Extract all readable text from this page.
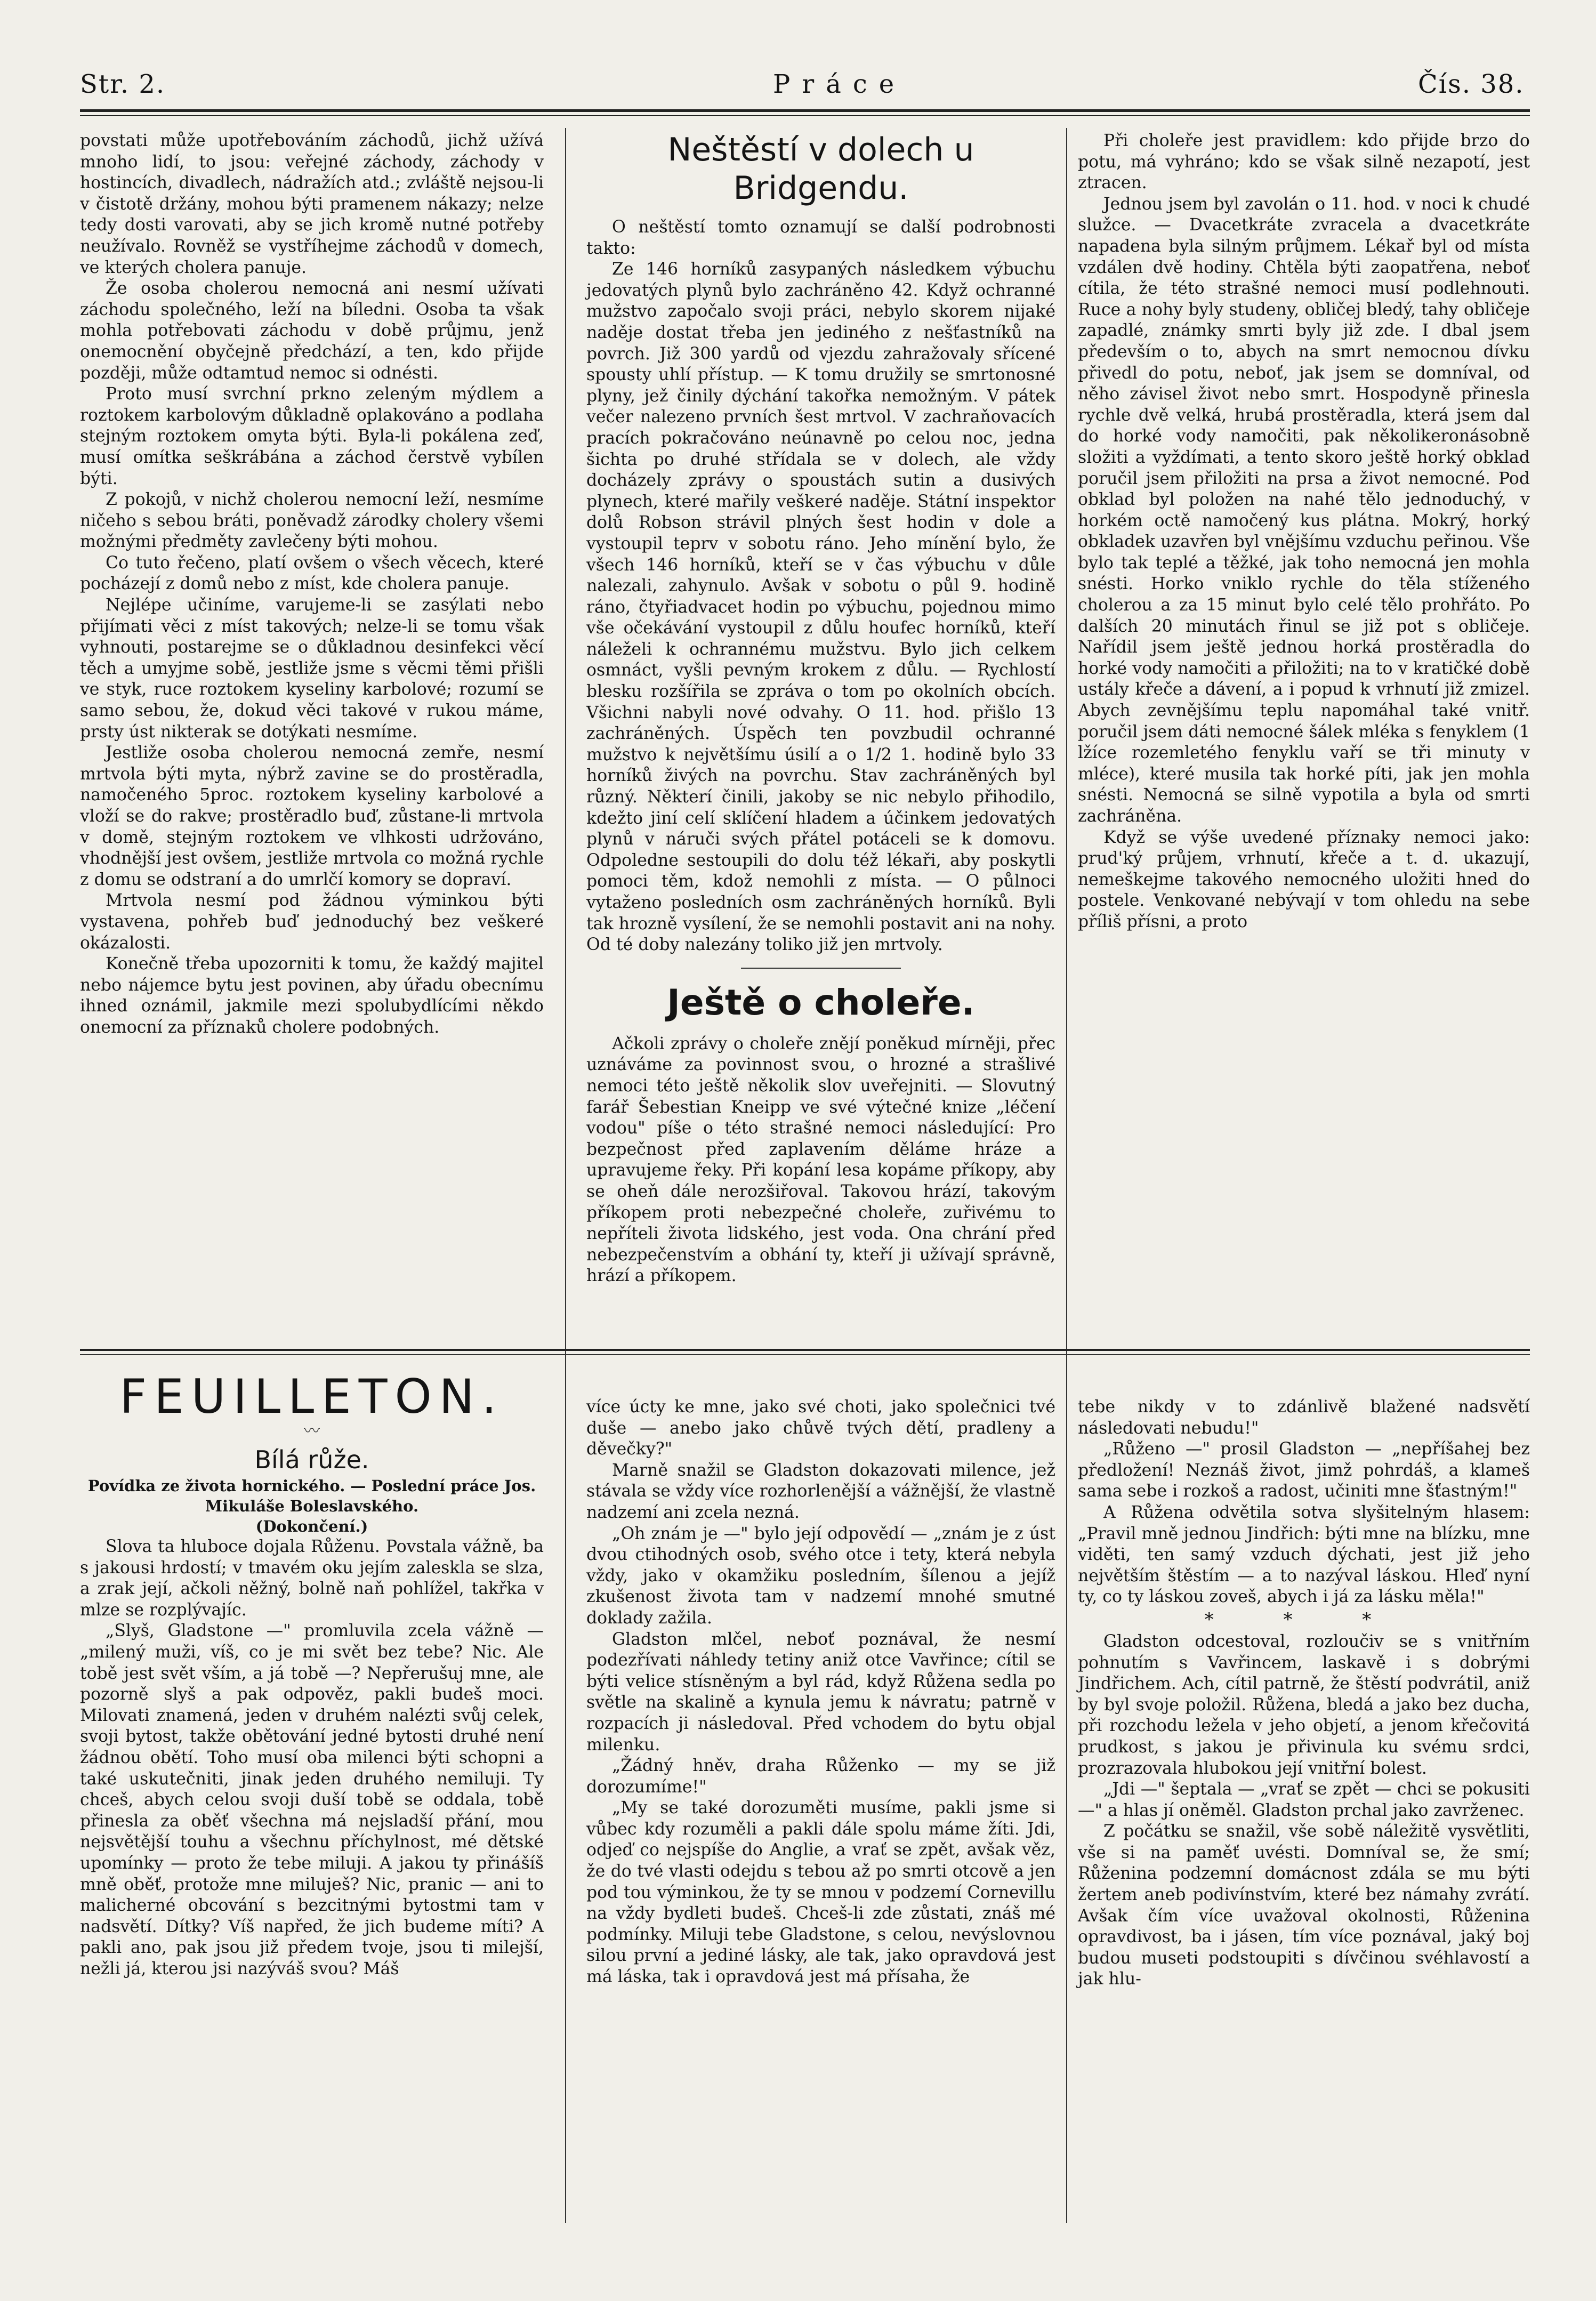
Str. 2.	Práce	Čís. 38.

povstati může upotřebováním záchodů, jichž užívá mnoho lidí, to jsou: veřejné záchody, záchody v hostincích, divadlech, nádražích atd.; zvláště nejsou-li v čistotě držány, mohou býti pramenem nákazy; nelze tedy dosti varovati, aby se jich kromě nutné potřeby neužívalo. Rovněž se vystříhejme záchodů v domech, ve kterých cholera panuje.

Že osoba cholerou nemocná ani nesmí užívati záchodu společného, leží na bíledni. Osoba ta však mohla potřebovati záchodu v době průjmu, jenž onemocnění obyčejně předchází, a ten, kdo přijde později, může odtamtud nemoc si odnésti.

Proto musí svrchní prkno zeleným mýdlem a roztokem karbolovým důkladně oplakováno a podlaha stejným roztokem omyta býti. Byla-li pokálena zeď, musí omítka seškrábána a záchod čerstvě vybílen býti.

Z pokojů, v nichž cholerou nemocní leží, nesmíme ničeho s sebou bráti, poněvadž zárodky cholery všemi možnými předměty zavlečeny býti mohou.

Co tuto řečeno, platí ovšem o všech věcech, které pocházejí z domů nebo z míst, kde cholera panuje.

Nejlépe učiníme, varujeme-li se zasýlati nebo přijímati věci z míst takových; nelze-li se tomu však vyhnouti, postarejme se o důkladnou desinfekci věcí těch a umyjme sobě, jestliže jsme s věcmi těmi přišli ve styk, ruce roztokem kyseliny karbolové; rozumí se samo sebou, že, dokud věci takové v rukou máme, prsty úst nikterak se dotýkati nesmíme.

Jestliže osoba cholerou nemocná zemře, nesmí mrtvola býti myta, nýbrž zavine se do prostěradla, namočeného 5proc. roztokem kyseliny karbolové a vloží se do rakve; prostěradlo buď, zůstane-li mrtvola v domě, stejným roztokem ve vlhkosti udržováno, vhodnější jest ovšem, jestliže mrtvola co možná rychle z domu se odstraní a do umrlčí komory se dopraví.

Mrtvola nesmí pod žádnou výminkou býti vystavena, pohřeb buď jednoduchý bez veškeré okázalosti.

Konečně třeba upozorniti k tomu, že každý majitel nebo nájemce bytu jest povinen, aby úřadu obecnímu ihned oznámil, jakmile mezi spolubydlícími někdo onemocní za příznaků cholere podobných.

Neštěstí v dolech u Bridgendu.

O neštěstí tomto oznamují se další podrobnosti takto:

Ze 146 horníků zasypaných následkem výbuchu jedovatých plynů bylo zachráněno 42. Když ochranné mužstvo započalo svoji práci, nebylo skorem nijaké naděje dostat třeba jen jediného z nešťastníků na povrch. Již 300 yardů od vjezdu zahražovaly sřícené spousty uhlí přístup. — K tomu družily se smrtonosné plyny, jež činily dýchání takořka nemožným. V pátek večer nalezeno prvních šest mrtvol. V zachraňovacích pracích pokračováno neúnavně po celou noc, jedna šichta po druhé střídala se v dolech, ale vždy docházely zprávy o spoustách sutin a dusivých plynech, které mařily veškeré naděje. Státní inspektor dolů Robson strávil plných šest hodin v dole a vystoupil teprv v sobotu ráno. Jeho mínění bylo, že všech 146 horníků, kteří se v čas výbuchu v důle nalezali, zahynulo. Avšak v sobotu o půl 9. hodině ráno, čtyřiadvacet hodin po výbuchu, pojednou mimo vše očekávání vystoupil z důlu houfec horníků, kteří náleželi k ochrannému mužstvu. Bylo jich celkem osmnáct, vyšli pevným krokem z důlu. — Rychlostí blesku rozšířila se zpráva o tom po okolních obcích. Všichni nabyli nové odvahy. O 11. hod. přišlo 13 zachráněných. Úspěch ten povzbudil ochranné mužstvo k největšímu úsilí a o 1/2 1. hodině bylo 33 horníků živých na povrchu. Stav zachráněných byl různý. Některí činili, jakoby se nic nebylo přihodilo, kdežto jiní celí sklíčení hladem a účinkem jedovatých plynů v náruči svých přátel potáceli se k domovu. Odpoledne sestoupili do dolu též lékaři, aby poskytli pomoci těm, kdož nemohli z místa. — O půlnoci vytaženo posledních osm zachráněných horníků. Byli tak hrozně vysílení, že se nemohli postavit ani na nohy. Od té doby nalezány toliko již jen mrtvoly.

Ještě o choleře.

Ačkoli zprávy o choleře znějí poněkud mírněji, přec uznáváme za povinnost svou, o hrozné a strašlivé nemoci této ještě několik slov uveřejniti. — Slovutný farář Šebestian Kneipp ve své výtečné knize „léčení vodou" píše o této strašné nemoci následující: Pro bezpečnost před zaplavením děláme hráze a upravujeme řeky. Při kopání lesa kopáme příkopy, aby se oheň dále nerozšiřoval. Takovou hrází, takovým příkopem proti nebezpečné choleře, zuřivému to nepříteli života lidského, jest voda. Ona chrání před nebezpečenstvím a obhání ty, kteří ji užívají správně, hrází a příkopem.

Při choleře jest pravidlem: kdo přijde brzo do potu, má vyhráno; kdo se však silně nezapotí, jest ztracen.

Jednou jsem byl zavolán o 11. hod. v noci k chudé služce. — Dvacetkráte zvracela a dvacetkráte napadena byla silným průjmem. Lékař byl od místa vzdálen dvě hodiny. Chtěla býti zaopatřena, neboť cítila, že této strašné nemoci musí podlehnouti. Ruce a nohy byly studeny, obličej bledý, tahy obličeje zapadlé, známky smrti byly již zde. I dbal jsem především o to, abych na smrt nemocnou dívku přivedl do potu, neboť, jak jsem se domníval, od něho závisel život nebo smrt. Hospodyně přinesla rychle dvě velká, hrubá prostěradla, která jsem dal do horké vody namočiti, pak několikeronásobně složiti a vyždímati, a tento skoro ještě horký obklad poručil jsem přiložiti na prsa a život nemocné. Pod obklad byl položen na nahé tělo jednoduchý, v horkém octě namočený kus plátna. Mokrý, horký obkladek uzavřen byl vnějšímu vzduchu peřinou. Vše bylo tak teplé a těžké, jak toho nemocná jen mohla snésti. Horko vniklo rychle do těla stíženého cholerou a za 15 minut bylo celé tělo prohřáto. Po dalších 20 minutách řinul se již pot s obličeje. Nařídil jsem ještě jednou horká prostěradla do horké vody namočiti a přiložiti; na to v kratičké době ustály křeče a dávení, a i popud k vrhnutí již zmizel. Abych zevnějšímu teplu napomáhal také vnitř. poručil jsem dáti nemocné šálek mléka s fenyklem (1 lžíce rozemletého fenyklu vaří se tři minuty v mléce), které musila tak horké píti, jak jen mohla snésti. Nemocná se silně vypotila a byla od smrti zachráněna.

Když se výše uvedené příznaky nemoci jako: prud'ký průjem, vrhnutí, křeče a t. d. ukazují, nemeškejme takového nemocného uložiti hned do postele. Venkované nebývají v tom ohledu na sebe příliš přísni, a proto

FEUILLETON.
〰
Bílá růže.

Povídka ze života hornického. — Poslední práce Jos. Mikuláše Boleslavského.

(Dokončení.)

Slova ta hluboce dojala Růženu. Povstala vážně, ba s jakousi hrdostí; v tmavém oku jejím zaleskla se slza, a zrak její, ačkoli něžný, bolně naň pohlížel, takřka v mlze se rozplývajíc.

„Slyš, Gladstone —" promluvila zcela vážně — „milený muži, víš, co je mi svět bez tebe? Nic. Ale tobě jest svět vším, a já tobě —? Nepřerušuj mne, ale pozorně slyš a pak odpověz, pakli budeš moci. Milovati znamená, jeden v druhém nalézti svůj celek, svoji bytost, takže obětování jedné bytosti druhé není žádnou obětí. Toho musí oba milenci býti schopni a také uskutečniti, jinak jeden druhého nemiluji. Ty chceš, abych celou svoji duší tobě se oddala, tobě přinesla za oběť všechna má nejsladší přání, mou nejsvětější touhu a všechnu příchylnost, mé dětské upomínky — proto že tebe miluji. A jakou ty přinášíš mně oběť, protože mne miluješ? Nic, pranic — ani to malicherné obcování s bezcitnými bytostmi tam v nadsvětí. Dítky? Víš napřed, že jich budeme míti? A pakli ano, pak jsou již předem tvoje, jsou ti milejší, nežli já, kterou jsi nazýváš svou? Máš

více úcty ke mne, jako své choti, jako společnici tvé duše — anebo jako chůvě tvých dětí, pradleny a děvečky?"

Marně snažil se Gladston dokazovati milence, jež stávala se vždy více rozhorlenější a vážnější, že vlastně nadzemí ani zcela nezná.

„Oh znám je —" bylo její odpovědí — „znám je z úst dvou ctihodných osob, svého otce i tety, která nebyla vždy, jako v okamžiku posledním, šílenou a jejíž zkušenost života tam v nadzemí mnohé smutné doklady zažila.

Gladston mlčel, neboť poznával, že nesmí podezřívati náhledy tetiny aniž otce Vavřince; cítil se býti velice stísněným a byl rád, když Růžena sedla po světle na skalině a kynula jemu k návratu; patrně v rozpacích ji následoval. Před vchodem do bytu objal milenku.

„Žádný hněv, draha Růženko — my se již dorozumíme!"

„My se také dorozuměti musíme, pakli jsme si vůbec kdy rozuměli a pakli dále spolu máme žíti. Jdi, odjeď co nejspíše do Anglie, a vrať se zpět, avšak věz, že do tvé vlasti odejdu s tebou až po smrti otcově a jen pod tou výminkou, že ty se mnou v podzemí Cornevillu na vždy bydleti budeš. Chceš-li zde zůstati, znáš mé podmínky. Miluji tebe Gladstone, s celou, nevýslovnou silou první a jediné lásky, ale tak, jako opravdová jest má láska, tak i opravdová jest má přísaha, že

tebe nikdy v to zdánlivě blažené nadsvětí následovati nebudu!"

„Růženo —" prosil Gladston — „nepříšahej bez předložení! Neznáš život, jimž pohrdáš, a klameš sama sebe i rozkoš a radost, učiniti mne šťastným!"

A Růžena odvětila sotva slyšitelným hlasem: „Pravil mně jednou Jindřich: býti mne na blízku, mne viděti, ten samý vzduch dýchati, jest již jeho největším štěstím — a to nazýval láskou. Hleď nyní ty, co ty láskou zoveš, abych i já za lásku měla!"

* * *

Gladston odcestoval, rozloučiv se s vnitřním pohnutím s Vavřincem, laskavě i s dobrými Jindřichem. Ach, cítil patrně, že štěstí podvrátil, aniž by byl svoje položil. Růžena, bledá a jako bez ducha, při rozchodu ležela v jeho objetí, a jenom křečovitá prudkost, s jakou je přivinula ku svému srdci, prozrazovala hlubokou její vnitřní bolest.

„Jdi —" šeptala — „vrať se zpět — chci se pokusiti —" a hlas jí oněměl. Gladston prchal jako zavrženec.

Z počátku se snažil, vše sobě náležitě vysvětliti, vše si na paměť uvésti. Domníval se, že smí; Růženina podzemní domácnost zdála se mu býti žertem aneb podivínstvím, které bez námahy zvrátí. Avšak čím více uvažoval okolnosti, Růženina opravdivost, ba i jásen, tím více poznával, jaký boj budou museti podstoupiti s dívčinou svéhlavostí a jak hlu-
